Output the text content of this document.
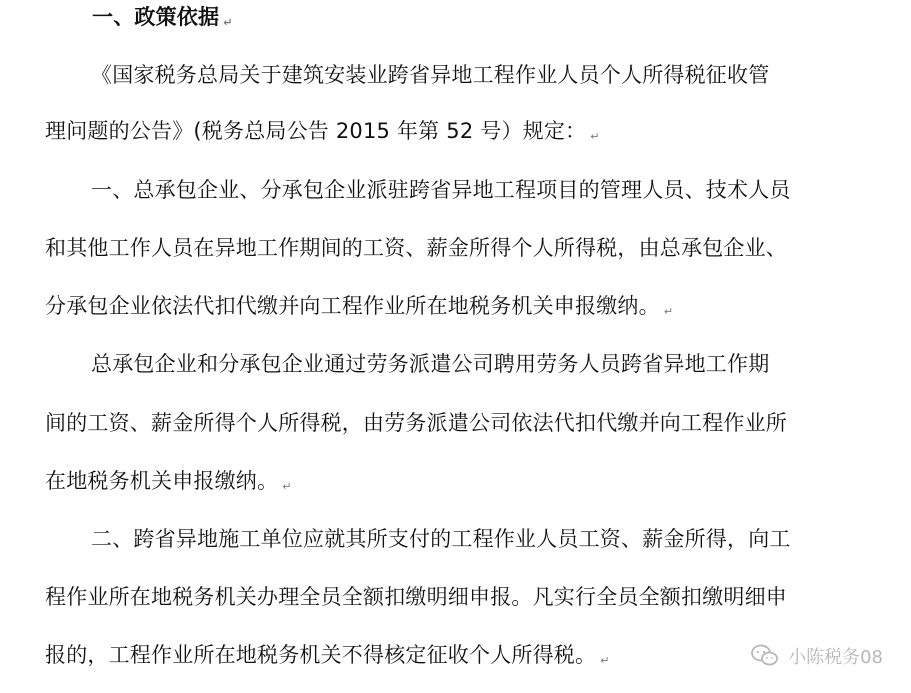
一、政策依据 ↵
《国家税务总局关于建筑安装业跨省异地工程作业人员个人所得税征收管
理问题的公告》(税务总局公告 2015 年第 52 号）规定： ↵
一、总承包企业、分承包企业派驻跨省异地工程项目的管理人员、技术人员
和其他工作人员在异地工作期间的工资、薪金所得个人所得税，由总承包企业、
分承包企业依法代扣代缴并向工程作业所在地税务机关申报缴纳。 ↵
总承包企业和分承包企业通过劳务派遣公司聘用劳务人员跨省异地工作期
间的工资、薪金所得个人所得税，由劳务派遣公司依法代扣代缴并向工程作业所
在地税务机关申报缴纳。 ↵
二、跨省异地施工单位应就其所支付的工程作业人员工资、薪金所得，向工
程作业所在地税务机关办理全员全额扣缴明细申报。凡实行全员全额扣缴明细申
报的，工程作业所在地税务机关不得核定征收个人所得税。 ↵	小陈税务08
